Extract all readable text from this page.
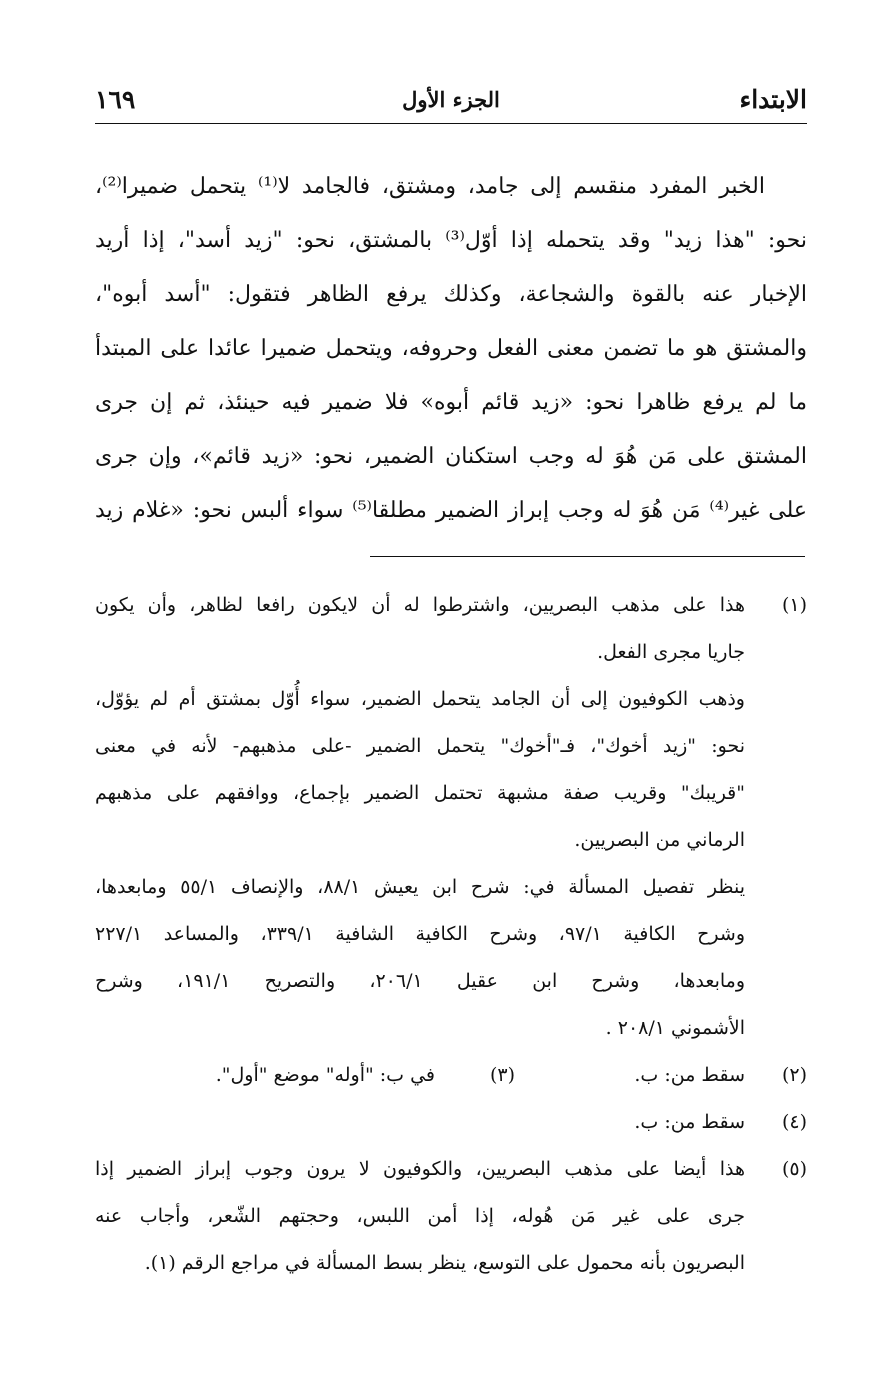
الابتداء
الجزء الأول
١٦٩
الخبر المفرد منقسم إلى جامد، ومشتق، فالجامد لا⁽¹⁾ يتحمل ضميرا⁽²⁾،
نحو: "هذا زيد" وقد يتحمله إذا أوّل⁽³⁾ بالمشتق، نحو: "زيد أسد"، إذا أريد
الإخبار عنه بالقوة والشجاعة، وكذلك يرفع الظاهر فتقول: "أسد أبوه"،
والمشتق هو ما تضمن معنى الفعل وحروفه، ويتحمل ضميرا عائدا على المبتدأ
ما لم يرفع ظاهرا نحو: «زيد قائم أبوه» فلا ضمير فيه حينئذ، ثم إن جرى
المشتق على مَن هُوَ له وجب استكنان الضمير، نحو: «زيد قائم»، وإن جرى
على غير⁽⁴⁾ مَن هُوَ له وجب إبراز الضمير مطلقا⁽⁵⁾ سواء ألبس نحو: «غلام زيد
(١)
هذا على مذهب البصريين، واشترطوا له أن لايكون رافعا لظاهر، وأن يكون
جاريا مجرى الفعل.
وذهب الكوفيون إلى أن الجامد يتحمل الضمير، سواء أُوّل بمشتق أم لم يؤوّل،
نحو: "زيد أخوك"، فـ"أخوك" يتحمل الضمير -على مذهبهم- لأنه في معنى
"قريبك" وقريب صفة مشبهة تحتمل الضمير بإجماع، ووافقهم على مذهبهم
الرماني من البصريين.
ينظر تفصيل المسألة في: شرح ابن يعيش ٨٨/١، والإنصاف ٥٥/١ ومابعدها،
وشرح الكافية ٩٧/١، وشرح الكافية الشافية ٣٣٩/١، والمساعد ٢٢٧/١
ومابعدها، وشرح ابن عقيل ٢٠٦/١، والتصريح ١٩١/١، وشرح
الأشموني ٢٠٨/١ .
(٢)
سقط من: ب.(٣)في ب: "أوله" موضع "أول".
(٤)
سقط من: ب.
(٥)
هذا أيضا على مذهب البصريين، والكوفيون لا يرون وجوب إبراز الضمير إذا
جرى على غير مَن هُوله، إذا أمن اللبس، وحجتهم الشّعر، وأجاب عنه
البصريون بأنه محمول على التوسع، ينظر بسط المسألة في مراجع الرقم (١).
